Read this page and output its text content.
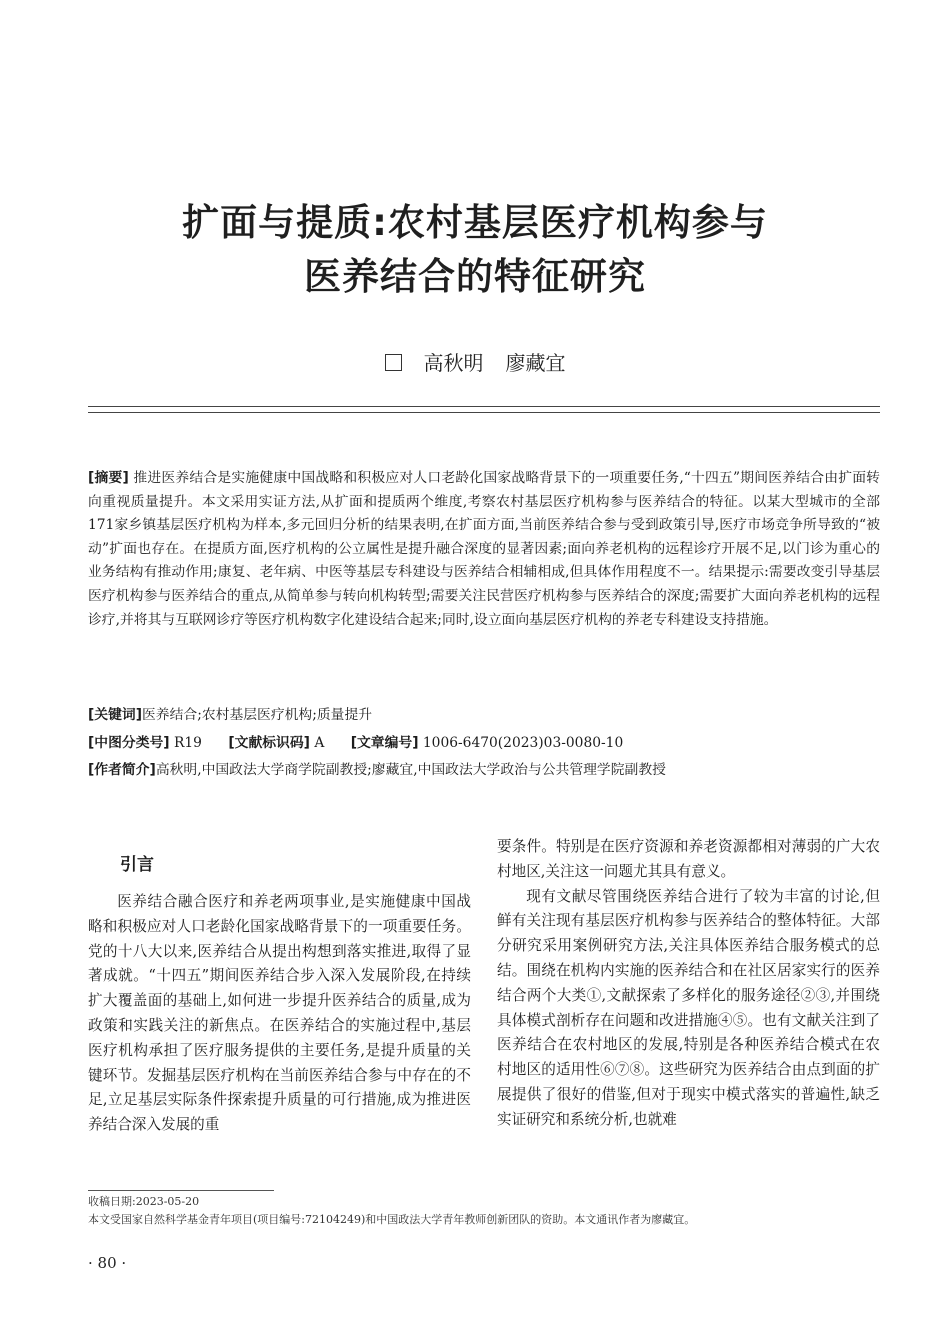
扩面与提质:农村基层医疗机构参与
医养结合的特征研究
高秋明 廖藏宜
[摘要] 推进医养结合是实施健康中国战略和积极应对人口老龄化国家战略背景下的一项重要任务,“十四五”期间医养结合由扩面转向重视质量提升。本文采用实证方法,从扩面和提质两个维度,考察农村基层医疗机构参与医养结合的特征。以某大型城市的全部171家乡镇基层医疗机构为样本,多元回归分析的结果表明,在扩面方面,当前医养结合参与受到政策引导,医疗市场竞争所导致的“被动”扩面也存在。在提质方面,医疗机构的公立属性是提升融合深度的显著因素;面向养老机构的远程诊疗开展不足,以门诊为重心的业务结构有推动作用;康复、老年病、中医等基层专科建设与医养结合相辅相成,但具体作用程度不一。结果提示:需要改变引导基层医疗机构参与医养结合的重点,从简单参与转向机构转型;需要关注民营医疗机构参与医养结合的深度;需要扩大面向养老机构的远程诊疗,并将其与互联网诊疗等医疗机构数字化建设结合起来;同时,设立面向基层医疗机构的养老专科建设支持措施。
[关键词]医养结合;农村基层医疗机构;质量提升
[中图分类号] R19 [文献标识码] A [文章编号] 1006-6470(2023)03-0080-10
[作者简介]高秋明,中国政法大学商学院副教授;廖藏宜,中国政法大学政治与公共管理学院副教授
引言

医养结合融合医疗和养老两项事业,是实施健康中国战略和积极应对人口老龄化国家战略背景下的一项重要任务。党的十八大以来,医养结合从提出构想到落实推进,取得了显著成就。“十四五”期间医养结合步入深入发展阶段,在持续扩大覆盖面的基础上,如何进一步提升医养结合的质量,成为政策和实践关注的新焦点。在医养结合的实施过程中,基层医疗机构承担了医疗服务提供的主要任务,是提升质量的关键环节。发掘基层医疗机构在当前医养结合参与中存在的不足,立足基层实际条件探索提升质量的可行措施,成为推进医养结合深入发展的重

要条件。特别是在医疗资源和养老资源都相对薄弱的广大农村地区,关注这一问题尤其具有意义。

现有文献尽管围绕医养结合进行了较为丰富的讨论,但鲜有关注现有基层医疗机构参与医养结合的整体特征。大部分研究采用案例研究方法,关注具体医养结合服务模式的总结。围绕在机构内实施的医养结合和在社区居家实行的医养结合两个大类①,文献探索了多样化的服务途径②③,并围绕具体模式剖析存在问题和改进措施④⑤。也有文献关注到了医养结合在农村地区的发展,特别是各种医养结合模式在农村地区的适用性⑥⑦⑧。这些研究为医养结合由点到面的扩展提供了很好的借鉴,但对于现实中模式落实的普遍性,缺乏实证研究和系统分析,也就难

收稿日期:2023-05-20
本文受国家自然科学基金青年项目(项目编号:72104249)和中国政法大学青年教师创新团队的资助。本文通讯作者为廖藏宜。
· 80 ·
